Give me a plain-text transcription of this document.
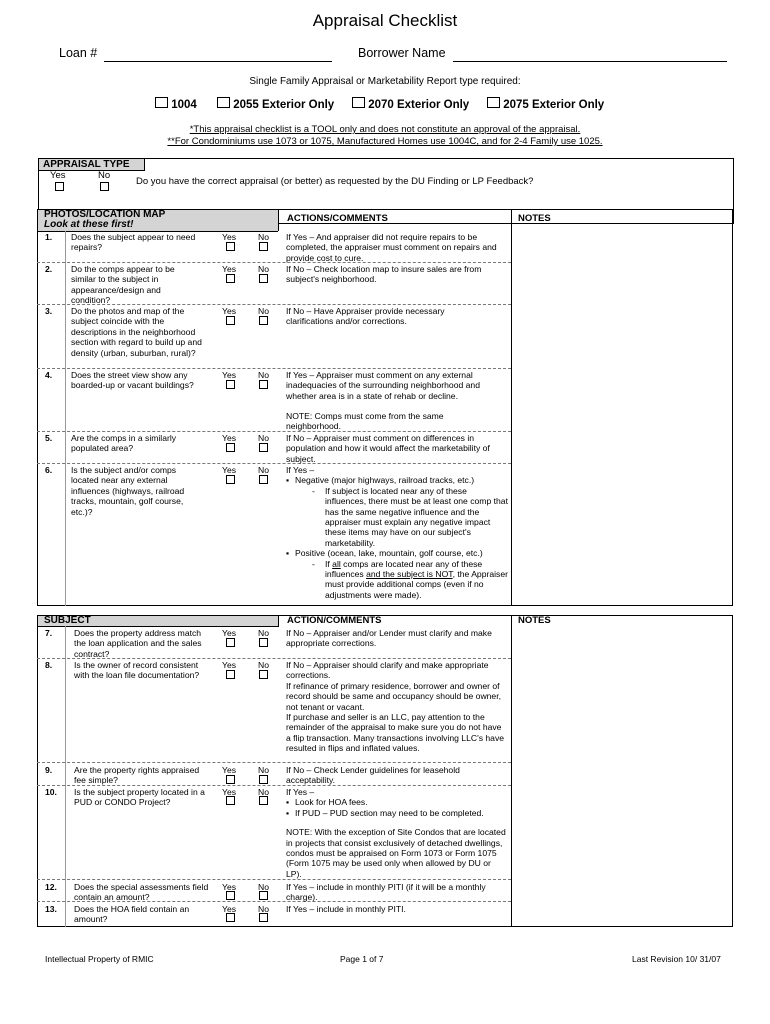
Appraisal Checklist
Loan #	Borrower Name
Single Family Appraisal or Marketability Report type required:
1004	2055 Exterior Only	2070 Exterior Only	2075 Exterior Only
*This appraisal checklist is a TOOL only and does not constitute an approval of the appraisal.
**For Condominiums use 1073 or 1075, Manufactured Homes use 1004C, and for 2-4 Family use 1025.
APPRAISAL TYPE
Yes	No
Do you have the correct appraisal (or better) as requested by the DU Finding or LP Feedback?
PHOTOS/LOCATION MAP
Look at these first!
ACTIONS/COMMENTS	NOTES
1. Does the subject appear to need repairs?
Yes	No If Yes – And appraiser did not require repairs to be completed, the appraiser must comment on repairs and provide cost to cure.
2. Do the comps appear to be similar to the subject in appearance/design and condition?
Yes	No If No – Check location map to insure sales are from subject's neighborhood.
3. Do the photos and map of the subject coincide with the descriptions in the neighborhood section with regard to build up and density (urban, suburban, rural)?
Yes	No If No – Have Appraiser provide necessary clarifications and/or corrections.
4. Does the street view show any boarded-up or vacant buildings?
Yes	No If Yes – Appraiser must comment on any external inadequacies of the surrounding neighborhood and whether area is in a state of rehab or decline.
NOTE: Comps must come from the same neighborhood.
5. Are the comps in a similarly populated area?
Yes	No If No – Appraiser must comment on differences in population and how it would affect the marketability of subject.
6. Is the subject and/or comps located near any external influences (highways, railroad tracks, mountain, golf course, etc.)?
Yes	No If Yes –
▪ Negative (major highways, railroad tracks, etc.)
- If subject is located near any of these influences, there must be at least one comp that has the same negative influence and the appraiser must explain any negative impact these items may have on our subject's marketability.
▪ Positive (ocean, lake, mountain, golf course, etc.)
- If all comps are located near any of these influences and the subject is NOT, the Appraiser must provide additional comps (even if no adjustments were made).
SUBJECT	ACTION/COMMENTS	NOTES
7.	Does the property address match the loan application and the sales contract?
Yes	No If No – Appraiser and/or Lender must clarify and make appropriate corrections.
8.	Is the owner of record consistent with the loan file documentation?
Yes	No If No – Appraiser should clarify and make appropriate corrections.
If refinance of primary residence, borrower and owner of record should be same and occupancy should be owner, not tenant or vacant.
If purchase and seller is an LLC, pay attention to the remainder of the appraisal to make sure you do not have a flip transaction. Many transactions involving LLC's have resulted in flips and inflated values.
9.	Are the property rights appraised fee simple?
Yes	No If No – Check Lender guidelines for leasehold acceptability.
10. Is the subject property located in a PUD or CONDO Project?
Yes	No If Yes –
▪ Look for HOA fees.
▪ If PUD – PUD section may need to be completed.
NOTE: With the exception of Site Condos that are located in projects that consist exclusively of detached dwellings, condos must be appraised on Form 1073 or Form 1075 (Form 1075 may be used only when allowed by DU or LP).
12. Does the special assessments field contain an amount?
Yes	No If Yes – include in monthly PITI (if it will be a monthly charge).
13. Does the HOA field contain an amount?
Yes	No If Yes – include in monthly PITI.
Intellectual Property of RMIC	Page 1 of 7	Last Revision 10/ 31/07
